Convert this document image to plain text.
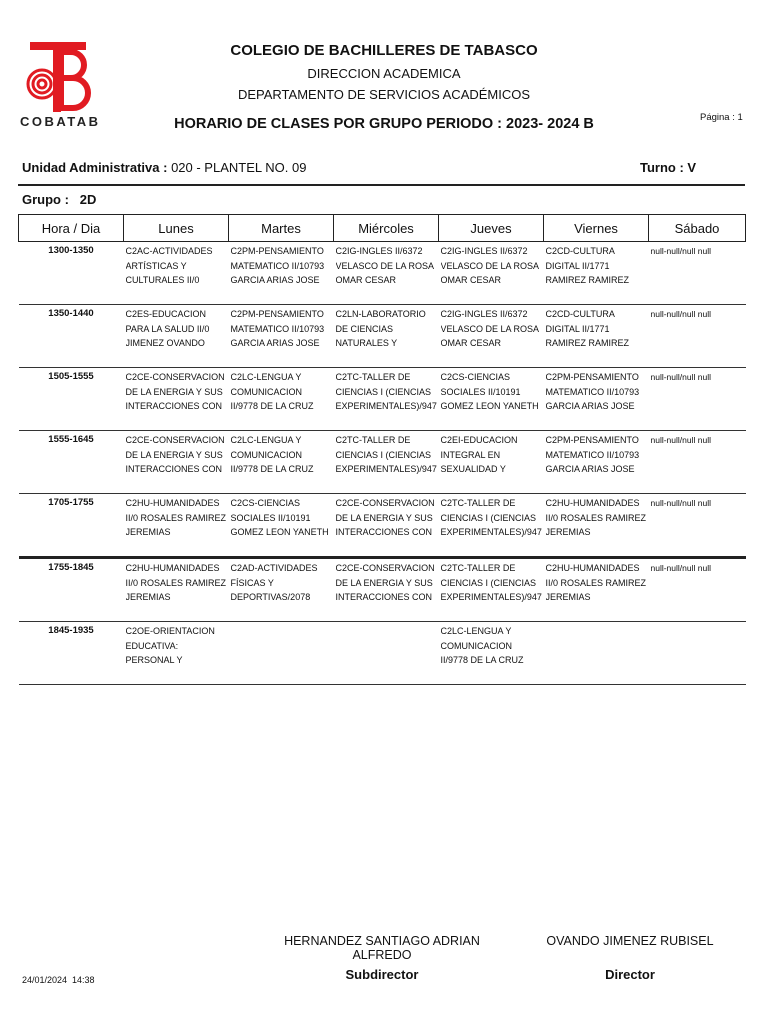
COBATAB
COLEGIO DE BACHILLERES DE TABASCO
DIRECCION ACADEMICA
DEPARTAMENTO DE SERVICIOS ACADÉMICOS
HORARIO DE CLASES POR GRUPO PERIODO : 2023- 2024 B	Página : 1
Unidad Administrativa : 020 - PLANTEL NO. 09	Turno : V
Grupo : 2D
Hora / Dia	Lunes	Martes	Miércoles	Jueves	Viernes	Sábado
1300-1350	C2AC-ACTIVIDADES ARTÍSTICAS Y CULTURALES II/0	C2PM-PENSAMIENTO MATEMATICO II/10793 GARCIA ARIAS JOSE	C2IG-INGLES II/6372 VELASCO DE LA ROSA OMAR CESAR	C2IG-INGLES II/6372 VELASCO DE LA ROSA OMAR CESAR	C2CD-CULTURA DIGITAL II/1771 RAMIREZ RAMIREZ	null-null/null null

1350-1440	C2ES-EDUCACION PARA LA SALUD II/0 JIMENEZ OVANDO	C2PM-PENSAMIENTO MATEMATICO II/10793 GARCIA ARIAS JOSE	C2LN-LABORATORIO DE CIENCIAS NATURALES Y	C2IG-INGLES II/6372 VELASCO DE LA ROSA OMAR CESAR	C2CD-CULTURA DIGITAL II/1771 RAMIREZ RAMIREZ	null-null/null null

1505-1555	C2CE-CONSERVACION DE LA ENERGIA Y SUS INTERACCIONES CON	C2LC-LENGUA Y COMUNICACION II/9778 DE LA CRUZ	C2TC-TALLER DE CIENCIAS I (CIENCIAS EXPERIMENTALES)/947	C2CS-CIENCIAS SOCIALES II/10191 GOMEZ LEON YANETH	C2PM-PENSAMIENTO MATEMATICO II/10793 GARCIA ARIAS JOSE	null-null/null null

1555-1645	C2CE-CONSERVACION DE LA ENERGIA Y SUS INTERACCIONES CON	C2LC-LENGUA Y COMUNICACION II/9778 DE LA CRUZ	C2TC-TALLER DE CIENCIAS I (CIENCIAS EXPERIMENTALES)/947	C2EI-EDUCACION INTEGRAL EN SEXUALIDAD Y	C2PM-PENSAMIENTO MATEMATICO II/10793 GARCIA ARIAS JOSE	null-null/null null

1705-1755	C2HU-HUMANIDADES II/0 ROSALES RAMIREZ JEREMIAS	C2CS-CIENCIAS SOCIALES II/10191 GOMEZ LEON YANETH	C2CE-CONSERVACION DE LA ENERGIA Y SUS INTERACCIONES CON	C2TC-TALLER DE CIENCIAS I (CIENCIAS EXPERIMENTALES)/947	C2HU-HUMANIDADES II/0 ROSALES RAMIREZ JEREMIAS	null-null/null null

1755-1845	C2HU-HUMANIDADES II/0 ROSALES RAMIREZ JEREMIAS	C2AD-ACTIVIDADES FÍSICAS Y DEPORTIVAS/2078	C2CE-CONSERVACION DE LA ENERGIA Y SUS INTERACCIONES CON	C2TC-TALLER DE CIENCIAS I (CIENCIAS EXPERIMENTALES)/947	C2HU-HUMANIDADES II/0 ROSALES RAMIREZ JEREMIAS	null-null/null null

1845-1935	C2OE-ORIENTACION EDUCATIVA: PERSONAL Y			C2LC-LENGUA Y COMUNICACION II/9778 DE LA CRUZ		

HERNANDEZ SANTIAGO ADRIAN ALFREDO
OVANDO JIMENEZ RUBISEL
Subdirector	Director
24/01/2024 14:38
